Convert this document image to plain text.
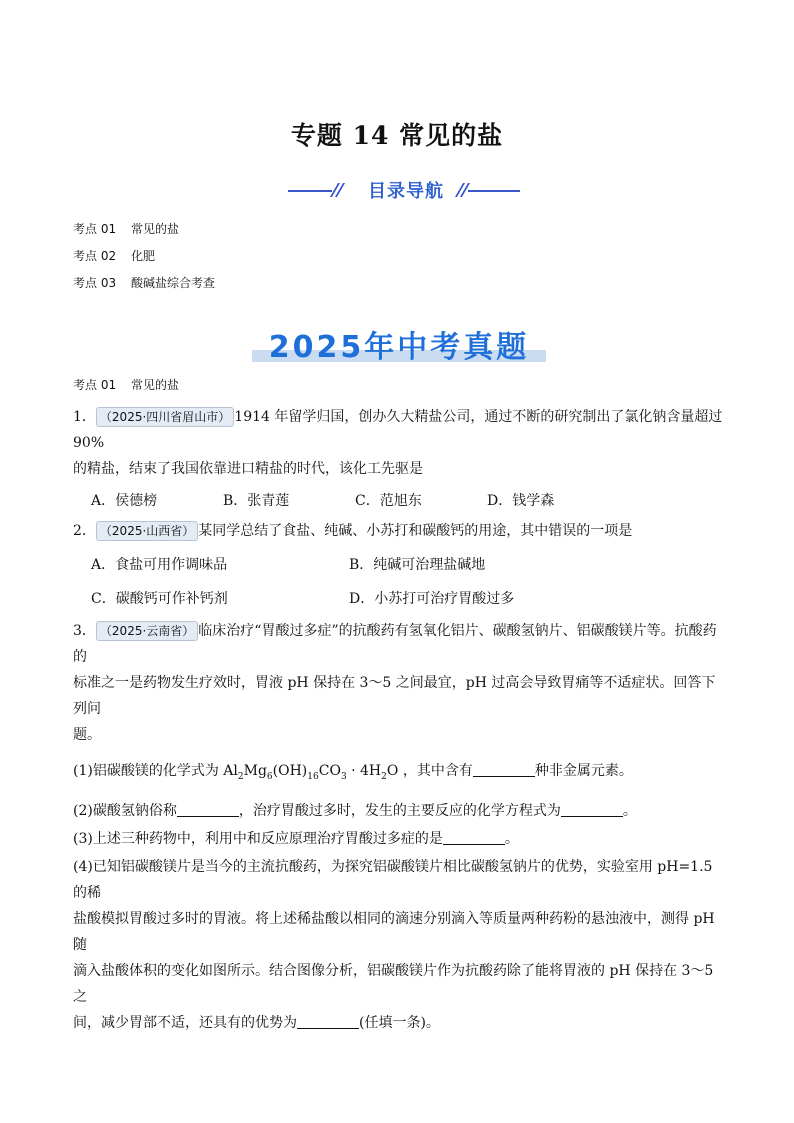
专题 14 常见的盐
目录导航
考点 01 常见的盐
考点 02 化肥
考点 03 酸碱盐综合考查
2025年中考真题
考点 01 常见的盐
1． （2025·四川省眉山市） 1914 年留学归国，创办久大精盐公司，通过不断的研究制出了氯化钠含量超过 90%
的精盐，结束了我国依靠进口精盐的时代，该化工先驱是
A．侯德榜	B．张青莲	C．范旭东	D．钱学森
2． （2025·山西省） 某同学总结了食盐、纯碱、小苏打和碳酸钙的用途，其中错误的一项是
A．食盐可用作调味品	B．纯碱可治理盐碱地
C．碳酸钙可作补钙剂	D．小苏打可治疗胃酸过多
3． （2025·云南省） 临床治疗“胃酸过多症”的抗酸药有氢氧化铝片、碳酸氢钠片、铝碳酸镁片等。抗酸药的
标准之一是药物发生疗效时，胃液 pH 保持在 3～5 之间最宜，pH 过高会导致胃痛等不适症状。回答下列问
题。
(1)铝碳酸镁的化学式为 $Al_2Mg_6(OH)_{16}CO_3 \cdot 4H_2O$ ，其中含有	种非金属元素。
(2)碳酸氢钠俗称	，治疗胃酸过多时，发生的主要反应的化学方程式为	。
(3)上述三种药物中，利用中和反应原理治疗胃酸过多症的是	。
(4)已知铝碳酸镁片是当今的主流抗酸药，为探究铝碳酸镁片相比碳酸氢钠片的优势，实验室用 pH=1.5 的稀
盐酸模拟胃酸过多时的胃液。将上述稀盐酸以相同的滴速分别滴入等质量两种药粉的悬浊液中，测得 pH 随
滴入盐酸体积的变化如图所示。结合图像分析，铝碳酸镁片作为抗酸药除了能将胃液的 pH 保持在 3～5 之
间，减少胃部不适，还具有的优势为	(任填一条)。
